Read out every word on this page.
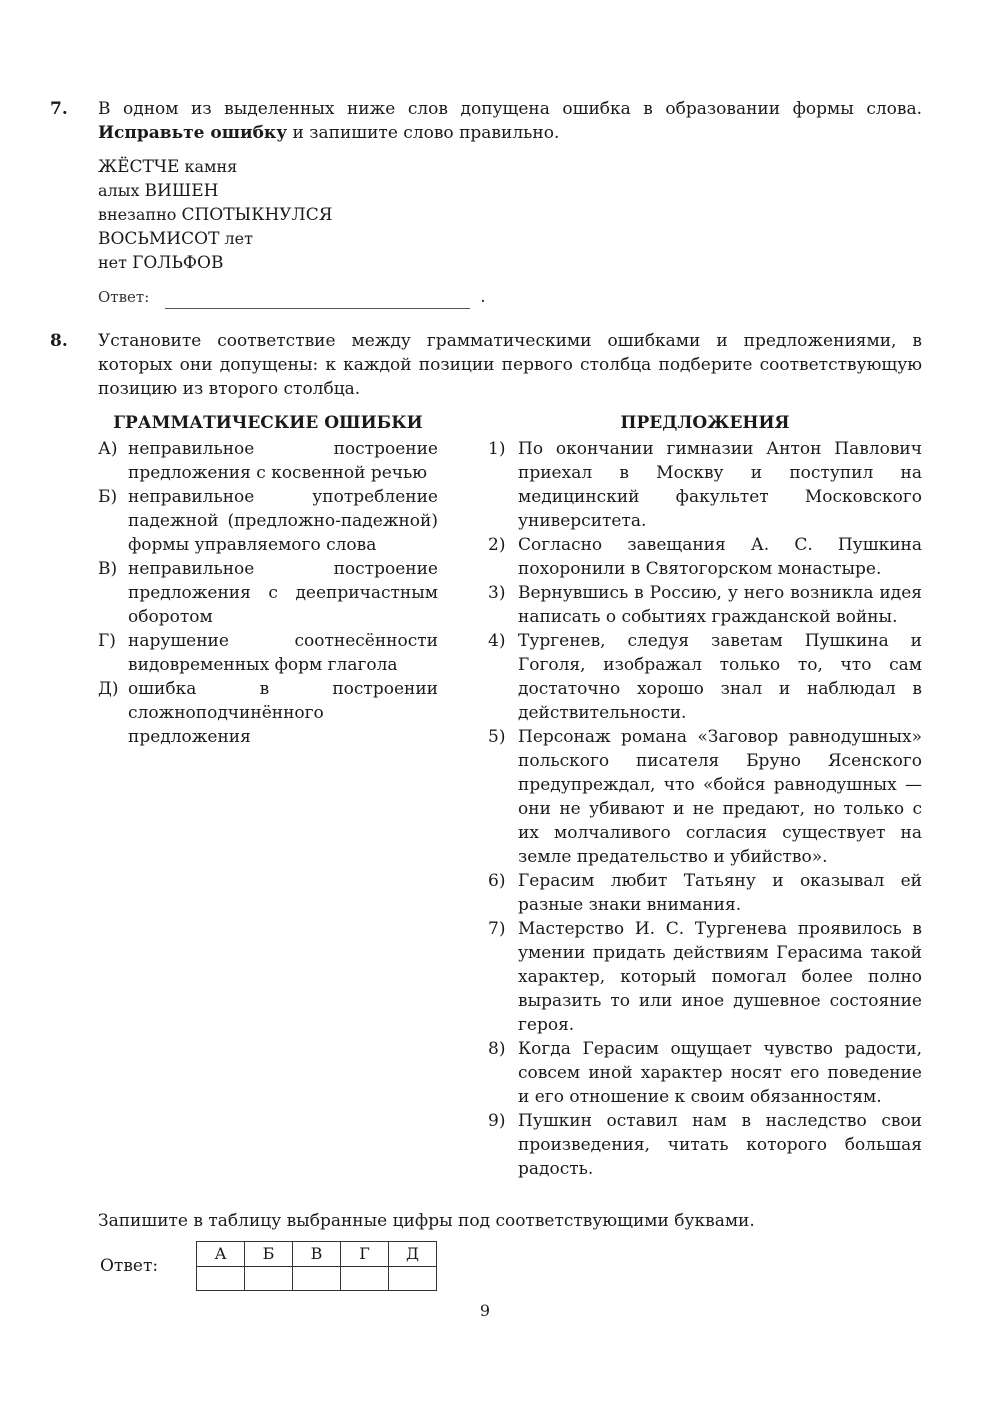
7. В одном из выделенных ниже слов допущена ошибка в образовании формы слова.
Исправьте ошибку и запишите слово правильно.
ЖЁСТЧЕ камня
алых ВИШЕН
внезапно СПОТЫКНУЛСЯ
ВОСЬМИСОТ лет
нет ГОЛЬФОВ
Ответ:	.
8. Установите соответствие между грамматическими ошибками и предложениями, в которых они допущены: к каждой позиции первого столбца подберите соответствующую позицию из второго столбца.
ГРАММАТИЧЕСКИЕ ОШИБКИ
А) неправильное построение предложения с косвенной речью
Б) неправильное употребление падежной (предложно-падежной) формы управляемого слова
В) неправильное построение предложения с деепричастным оборотом
Г) нарушение соотнесённости видовременных форм глагола
Д) ошибка в построении сложноподчинённого предложения
ПРЕДЛОЖЕНИЯ
1) По окончании гимназии Антон Павлович приехал в Москву и поступил на медицинский факультет Московского университета.
2) Согласно завещания А. С. Пушкина похоронили в Святогорском монастыре.
3) Вернувшись в Россию, у него возникла идея написать о событиях гражданской войны.
4) Тургенев, следуя заветам Пушкина и Гоголя, изображал только то, что сам достаточно хорошо знал и наблюдал в действительности.
5) Персонаж романа «Заговор равнодушных» польского писателя Бруно Ясенского предупреждал, что «бойся равнодушных — они не убивают и не предают, но только с их молчаливого согласия существует на земле предательство и убийство».
6) Герасим любит Татьяну и оказывал ей разные знаки внимания.
7) Мастерство И. С. Тургенева проявилось в умении придать действиям Герасима такой характер, который помогал более полно выразить то или иное душевное состояние героя.
8) Когда Герасим ощущает чувство радости, совсем иной характер носят его поведение и его отношение к своим обязанностям.
9) Пушкин оставил нам в наследство свои произведения, читать которого большая радость.
Запишите в таблицу выбранные цифры под соответствующими буквами.
Ответ:
А	Б	В	Г	Д

9
